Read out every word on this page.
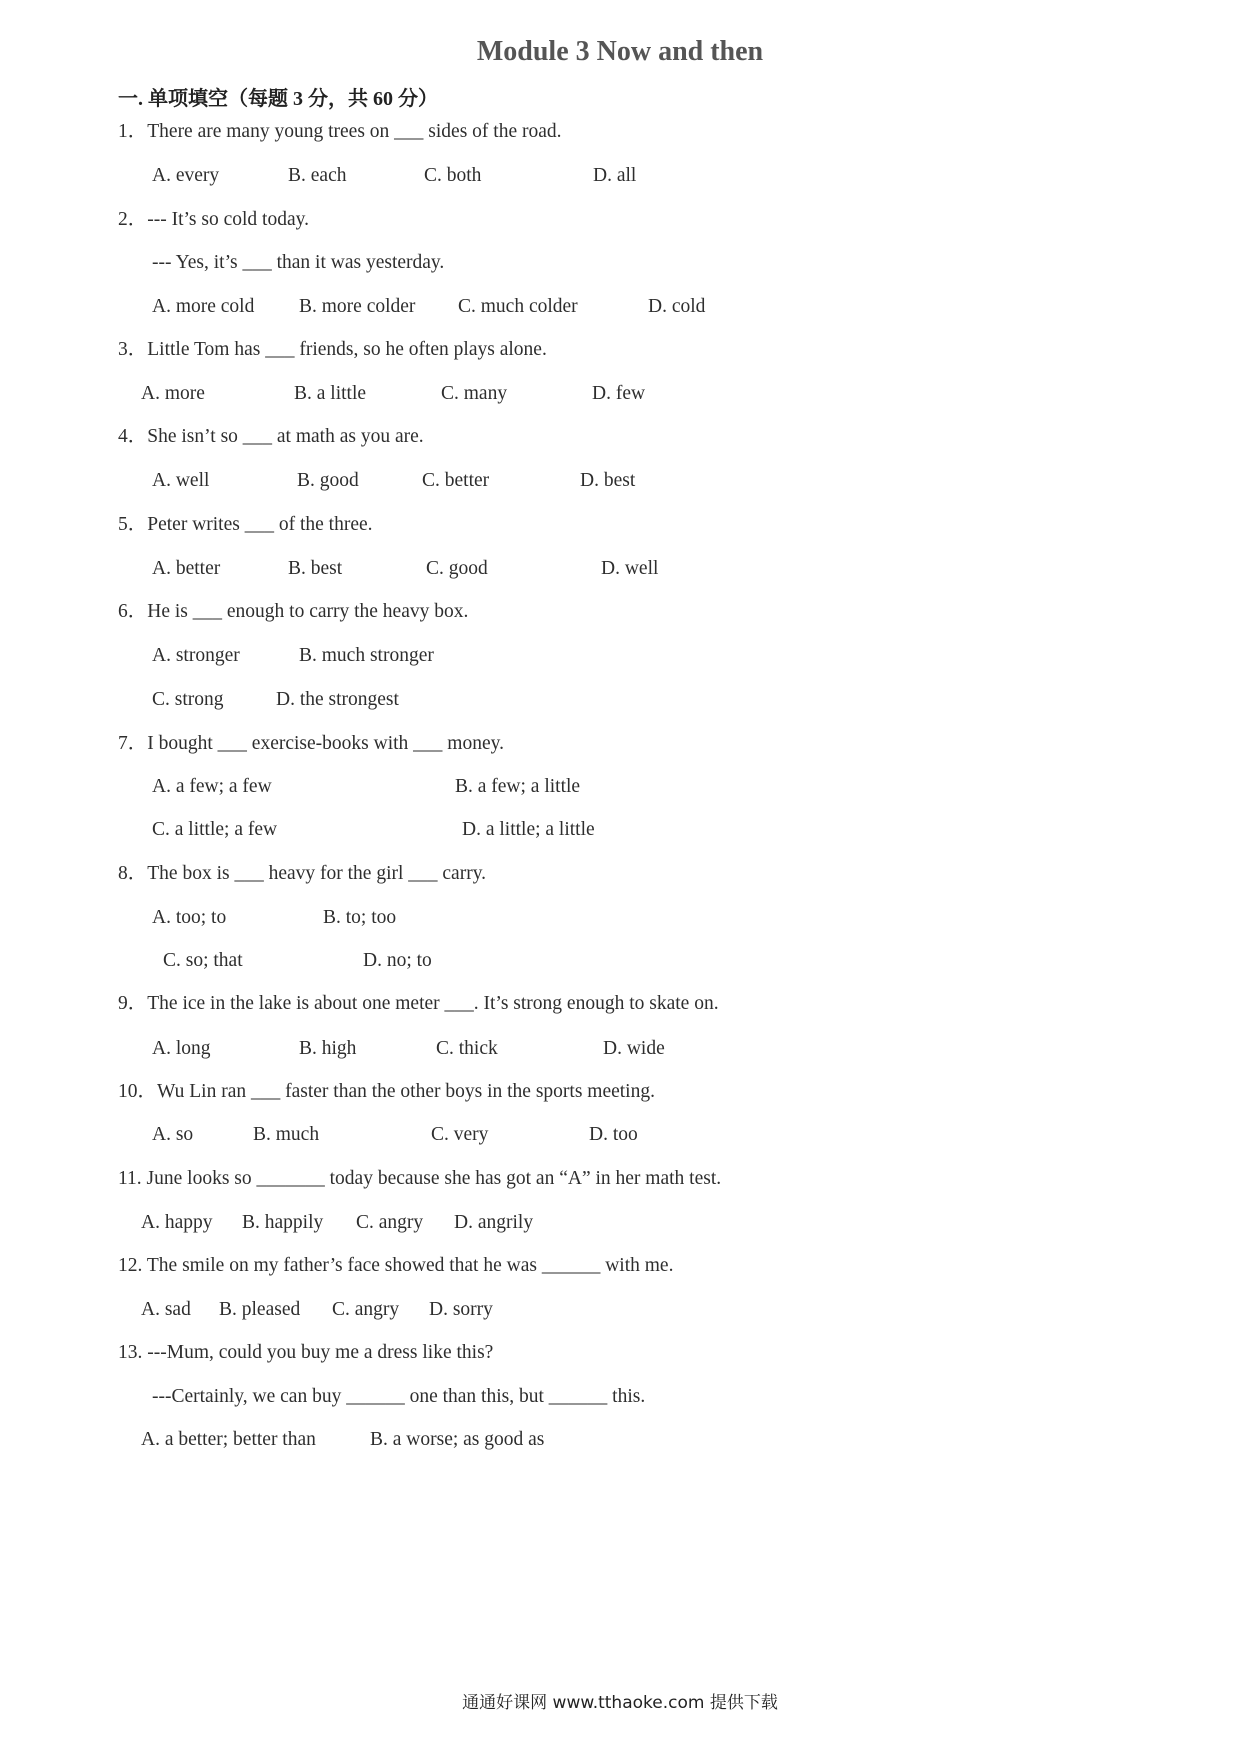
Module 3 Now and then
一. 单项填空（每题 3 分，共 60 分）
1．There are many young trees on ___ sides of the road.
A. every	B. each	C. both	D. all
2．--- It’s so cold today.
--- Yes, it’s ___ than it was yesterday.
A. more cold B. more colder C. much colder	D. cold
3．Little Tom has ___ friends, so he often plays alone.
A. more	B. a little	C. many	D. few
4．She isn’t so ___ at math as you are.
A. well	B. good	C. better	D. best
5．Peter writes ___ of the three.
A. better	B. best	C. good	D. well
6．He is ___ enough to carry the heavy box.
A. stronger	B. much stronger
C. strong	D. the strongest
7．I bought ___ exercise-books with ___ money.
A. a few; a few	B. a few; a little
C. a little; a few	D. a little; a little
8．The box is ___ heavy for the girl ___ carry.
A. too; to	B. to; too
C. so; that	D. no; to
9．The ice in the lake is about one meter ___. It’s strong enough to skate on.
A. long	B. high	C. thick	D. wide
10．Wu Lin ran ___ faster than the other boys in the sports meeting.
A. so	B. much	C. very	D. too
11. June looks so _______ today because she has got an “A” in her math test.
A. happy B. happily C. angry D. angrily
12. The smile on my father’s face showed that he was ______ with me.
A. sad B. pleased C. angry D. sorry
13. ---Mum, could you buy me a dress like this?
---Certainly, we can buy ______ one than this, but ______ this.
A. a better; better than	B. a worse; as good as
通通好课网 www.tthaoke.com 提供下载
